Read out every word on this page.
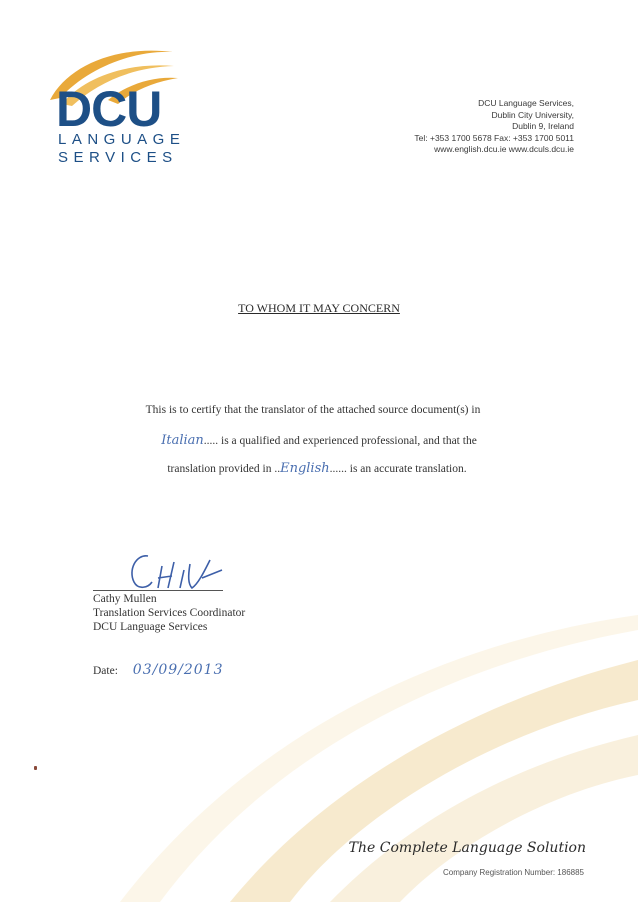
DCU
LANGUAGE
SERVICES
DCU Language Services,
Dublin City University,
Dublin 9, Ireland
Tel: +353 1700 5678 Fax: +353 1700 5011
www.english.dcu.ie www.dculs.dcu.ie
TO WHOM IT MAY CONCERN
This is to certify that the translator of the attached source document(s) in
Italian..... is a qualified and experienced professional, and that the
translation provided in ..English...... is an accurate translation.
Cathy Mullen
Translation Services Coordinator
DCU Language Services
Date: 03/09/2013
The Complete Language Solution
Company Registration Number: 186885
